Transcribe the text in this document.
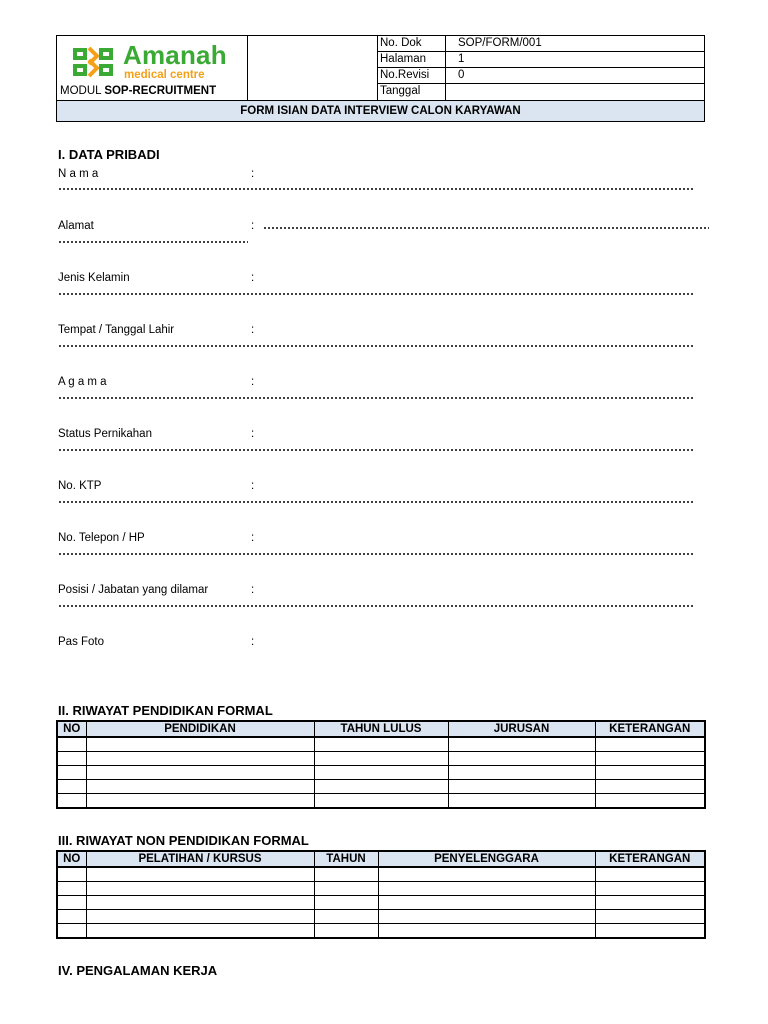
Amanah
medical centre
MODUL SOP-RECRUITMENT
No. Dok	SOP/FORM/001
Halaman	1
No.Revisi	0
Tanggal
FORM ISIAN DATA INTERVIEW CALON KARYAWAN
I. DATA PRIBADI
N a m a	:
Alamat	:
Jenis Kelamin	:
Tempat / Tanggal Lahir	:
A g a m a	:
Status Pernikahan	:
No. KTP	:
No. Telepon / HP	:
Posisi / Jabatan yang dilamar	:
Pas Foto	:
II. RIWAYAT PENDIDIKAN FORMAL
NO	PENDIDIKAN	TAHUN LULUS	JURUSAN	KETERANGAN

III. RIWAYAT NON PENDIDIKAN FORMAL
NO	PELATIHAN / KURSUS	TAHUN	PENYELENGGARA	KETERANGAN

IV. PENGALAMAN KERJA
